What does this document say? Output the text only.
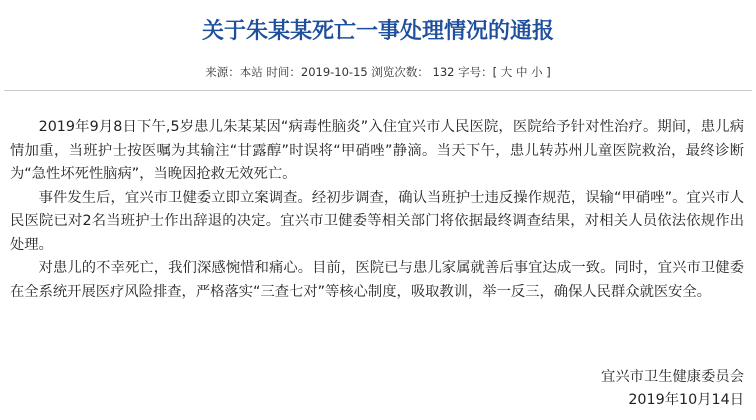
关于朱某某死亡一事处理情况的通报
来源：本站 时间：2019-10-15 浏览次数： 132 字号：[ 大 中 小 ]

2019年9月8日下午,5岁患儿朱某某因“病毒性脑炎”入住宜兴市人民医院，医院给予针对性治疗。期间，患儿病情加重，当班护士按医嘱为其输注“甘露醇”时误将“甲硝唑”静滴。当天下午，患儿转苏州儿童医院救治，最终诊断为“急性坏死性脑病”，当晚因抢救无效死亡。

事件发生后，宜兴市卫健委立即立案调查。经初步调查，确认当班护士违反操作规范，误输“甲硝唑”。宜兴市人民医院已对2名当班护士作出辞退的决定。宜兴市卫健委等相关部门将依据最终调查结果，对相关人员依法依规作出处理。

对患儿的不幸死亡，我们深感惋惜和痛心。目前，医院已与患儿家属就善后事宜达成一致。同时，宜兴市卫健委在全系统开展医疗风险排查，严格落实“三查七对”等核心制度，吸取教训，举一反三，确保人民群众就医安全。

宜兴市卫生健康委员会
2019年10月14日
